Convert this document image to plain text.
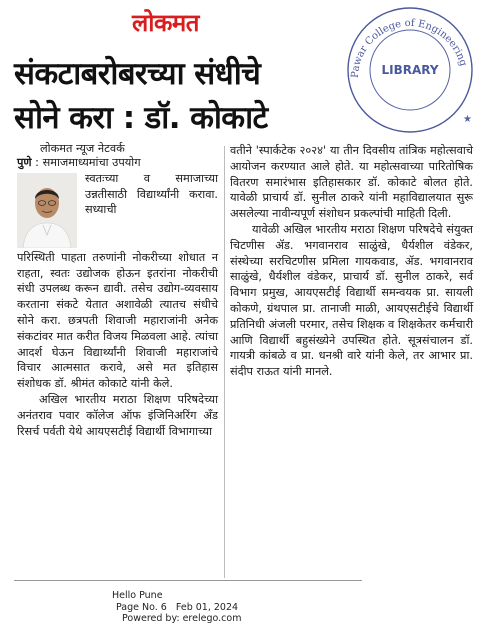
लोकमत
संकटाबरोबरच्या संधीचे
सोने करा : डॉ. कोकाटे
Pawar College of Engineering
LIBRARY
★
लोकमत न्यूज नेटवर्क

पुणे : समाजमाध्यमांचा उपयोग

स्वतःच्या व समाजाच्या उन्नतीसाठी विद्यार्थ्यांनी करावा. सध्याची

परिस्थिती पाहता तरुणांनी नोकरीच्या शोधात न राहता, स्वतः उद्योजक होऊन इतरांना नोकरीची संधी उपलब्ध करून द्यावी. तसेच उद्योग-व्यवसाय करताना संकटे येतात अशावेळी त्यातच संधीचे सोने करा. छत्रपती शिवाजी महाराजांनी अनेक संकटांवर मात करीत विजय मिळवला आहे. त्यांचा आदर्श घेऊन विद्यार्थ्यांनी शिवाजी महाराजांचे विचार आत्मसात करावे, असे मत इतिहास संशोधक डॉ. श्रीमंत कोकाटे यांनी केले.

अखिल भारतीय मराठा शिक्षण परिषदेच्या अनंतराव पवार कॉलेज ऑफ इंजिनिअरिंग अँड रिसर्च पर्वती येथे आयएसटीई विद्यार्थी विभागाच्या

वतीने 'स्पार्कटेक २०२४' या तीन दिवसीय तांत्रिक महोत्सवाचे आयोजन करण्यात आले होते. या महोत्सवाच्या पारितोषिक वितरण समारंभास इतिहासकार डॉ. कोकाटे बोलत होते. यावेळी प्राचार्य डॉ. सुनील ठाकरे यांनी महाविद्यालयात सुरू असलेल्या नावीन्यपूर्ण संशोधन प्रकल्पांची माहिती दिली.

यावेळी अखिल भारतीय मराठा शिक्षण परिषदेचे संयुक्त चिटणीस ॲड. भगवानराव साळुंखे, धैर्यशील वंडेकर, संस्थेच्या सरचिटणीस प्रमिला गायकवाड, ॲड. भगवानराव साळुंखे, धैर्यशील वंडेकर, प्राचार्य डॉ. सुनील ठाकरे, सर्व विभाग प्रमुख, आयएसटीई विद्यार्थी समन्वयक प्रा. सायली कोकणे, ग्रंथपाल प्रा. तानाजी माळी, आयएसटीईचे विद्यार्थी प्रतिनिधी अंजली परमार, तसेच शिक्षक व शिक्षकेतर कर्मचारी आणि विद्यार्थी बहुसंख्येने उपस्थित होते. सूत्रसंचालन डॉ. गायत्री कांबळे व प्रा. धनश्री वारे यांनी केले, तर आभार प्रा. संदीप राऊत यांनी मानले.

Hello Pune
Page No. 6   Feb 01, 2024
Powered by: erelego.com
